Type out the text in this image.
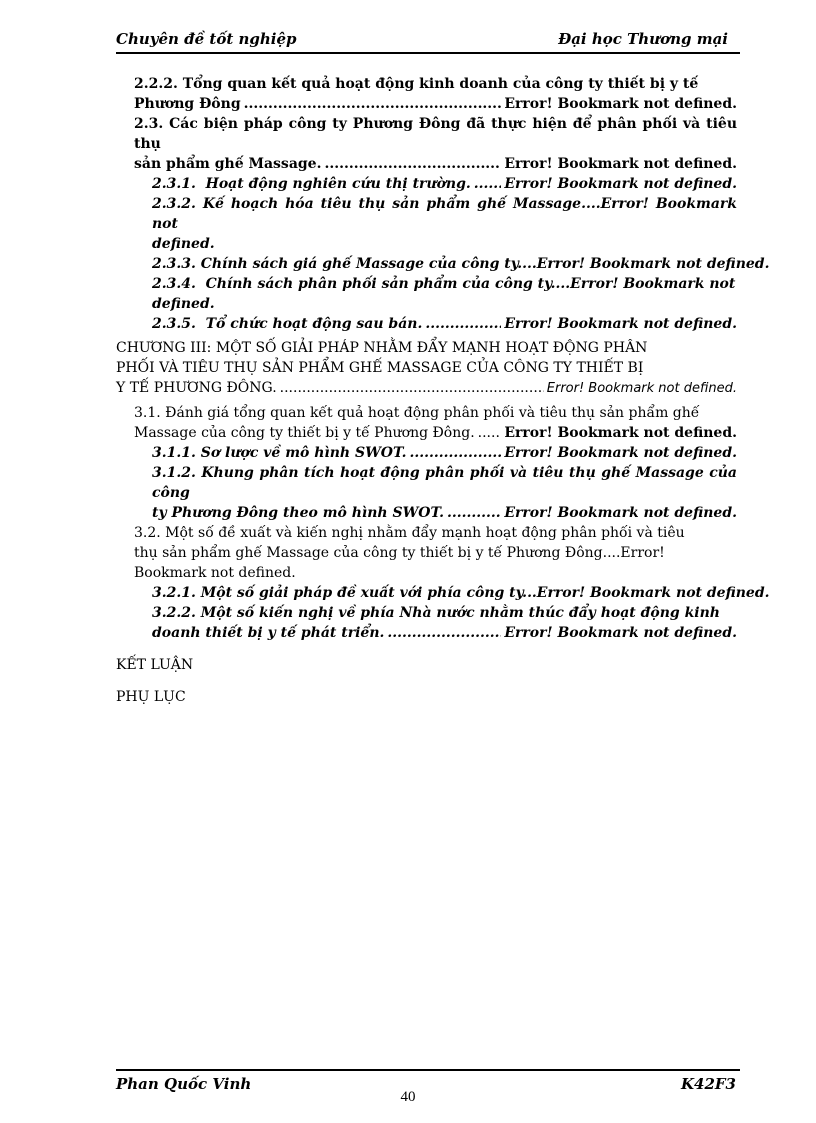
Chuyên đề tốt nghiệp	Đại học Thương mại
2.2.2. Tổng quan kết quả hoạt động kinh doanh của công ty thiết bị y tế
Phương Đông .....	Error! Bookmark not defined.
2.3. Các biện pháp công ty Phương Đông đã thực hiện để phân phối và tiêu thụ
sản phẩm ghế Massage. .....	Error! Bookmark not defined.
2.3.1. Hoạt động nghiên cứu thị trường. ..... Error! Bookmark not defined.
2.3.2. Kế hoạch hóa tiêu thụ sản phẩm ghế Massage....Error! Bookmark not
defined.
2.3.3. Chính sách giá ghế Massage của công ty. ...Error! Bookmark not defined.
2.3.4. Chính sách phân phối sản phẩm của công ty....Error! Bookmark not
defined.
2.3.5. Tổ chức hoạt động sau bán. .....	Error! Bookmark not defined.
CHƯƠNG III: MỘT SỐ GIẢI PHÁP NHẰM ĐẨY MẠNH HOẠT ĐỘNG PHÂN
PHỐI VÀ TIÊU THỤ SẢN PHẨM GHẾ MASSAGE CỦA CÔNG TY THIẾT BỊ
Y TẾ PHƯƠNG ĐÔNG. .....	Error! Bookmark not defined.
3.1. Đánh giá tổng quan kết quả hoạt động phân phối và tiêu thụ sản phẩm ghế
Massage của công ty thiết bị y tế Phương Đông. ..... Error! Bookmark not defined.
3.1.1. Sơ lược về mô hình SWOT. .....	Error! Bookmark not defined.
3.1.2. Khung phân tích hoạt động phân phối và tiêu thụ ghế Massage của công
ty Phương Đông theo mô hình SWOT. .....	Error! Bookmark not defined.
3.2. Một số đề xuất và kiến nghị nhằm đẩy mạnh hoạt động phân phối và tiêu
thụ sản phẩm ghế Massage của công ty thiết bị y tế Phương Đông....Error!
Bookmark not defined.
3.2.1. Một số giải pháp đề xuất với phía công ty. ..Error! Bookmark not defined.
3.2.2. Một số kiến nghị về phía Nhà nước nhằm thúc đẩy hoạt động kinh
doanh thiết bị y tế phát triển. .....	Error! Bookmark not defined.
KẾT LUẬN
PHỤ LỤC
Phan Quốc Vinh	K42F3
40
